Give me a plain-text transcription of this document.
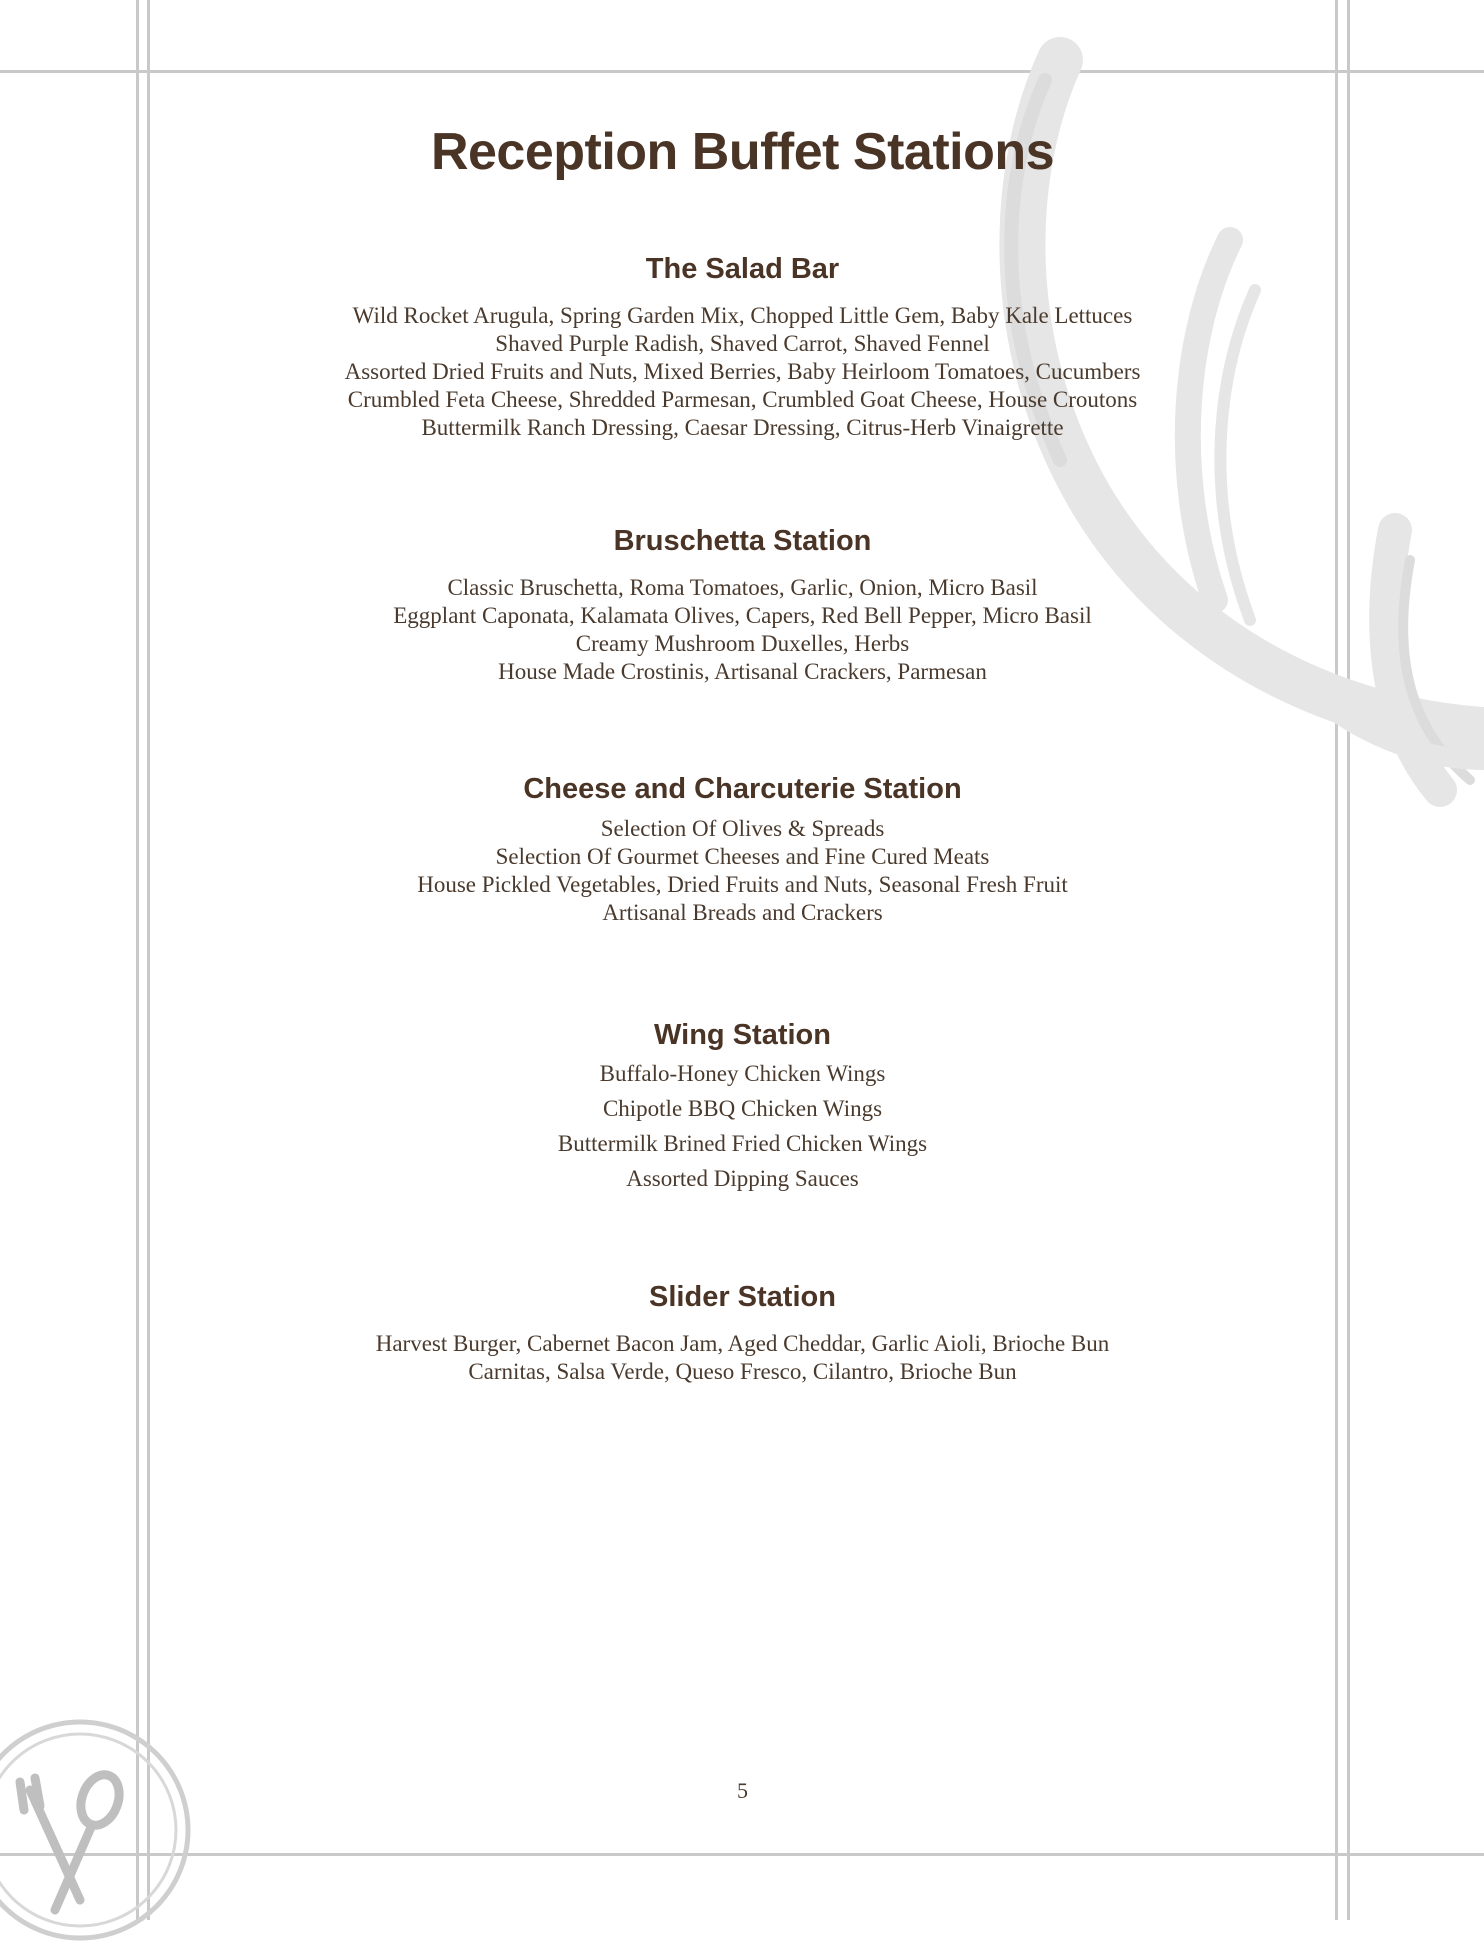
Reception Buffet Stations
The Salad Bar
Wild Rocket Arugula, Spring Garden Mix, Chopped Little Gem, Baby Kale Lettuces
Shaved Purple Radish, Shaved Carrot, Shaved Fennel
Assorted Dried Fruits and Nuts, Mixed Berries, Baby Heirloom Tomatoes, Cucumbers
Crumbled Feta Cheese, Shredded Parmesan, Crumbled Goat Cheese, House Croutons
Buttermilk Ranch Dressing, Caesar Dressing, Citrus-Herb Vinaigrette
Bruschetta Station
Classic Bruschetta, Roma Tomatoes, Garlic, Onion, Micro Basil
Eggplant Caponata, Kalamata Olives, Capers, Red Bell Pepper, Micro Basil
Creamy Mushroom Duxelles, Herbs
House Made Crostinis, Artisanal Crackers, Parmesan
Cheese and Charcuterie Station
Selection Of Olives & Spreads
Selection Of Gourmet Cheeses and Fine Cured Meats
House Pickled Vegetables, Dried Fruits and Nuts, Seasonal Fresh Fruit
Artisanal Breads and Crackers
Wing Station
Buffalo-Honey Chicken Wings
Chipotle BBQ Chicken Wings
Buttermilk Brined Fried Chicken Wings
Assorted Dipping Sauces
Slider Station
Harvest Burger, Cabernet Bacon Jam, Aged Cheddar, Garlic Aioli, Brioche Bun
Carnitas, Salsa Verde, Queso Fresco, Cilantro, Brioche Bun
5
